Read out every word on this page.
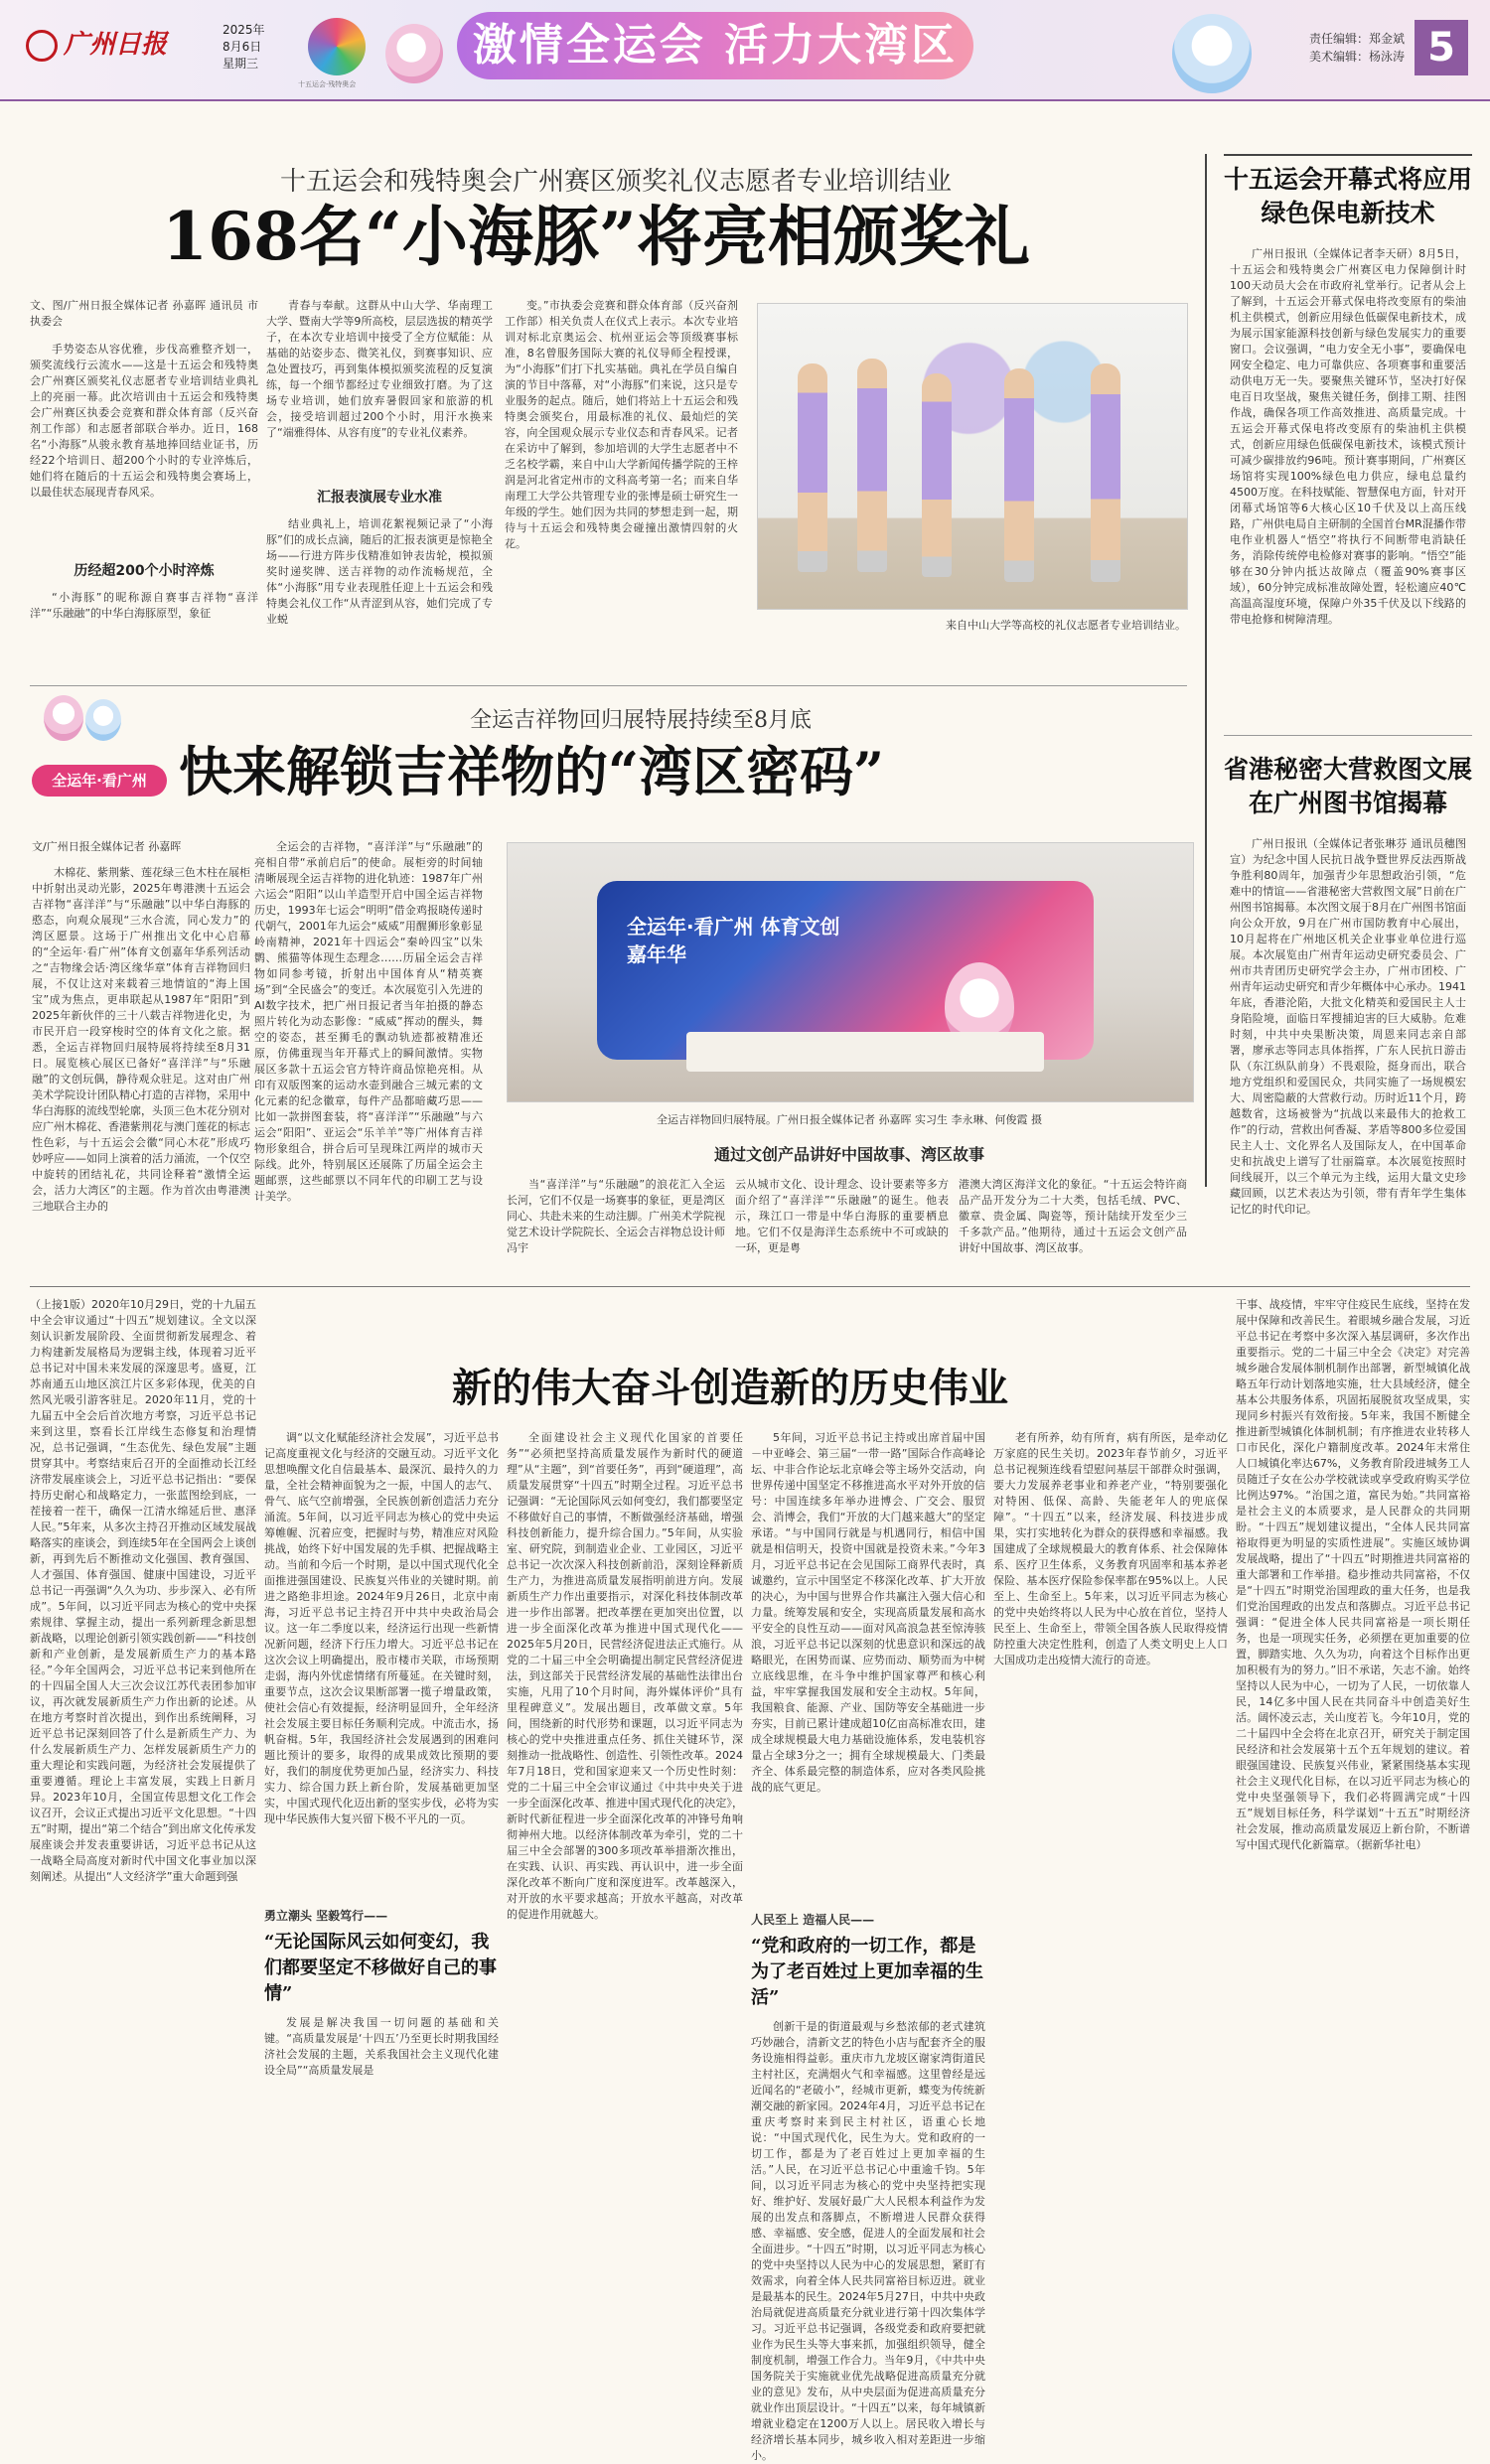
广州日报	2025年
8月6日
星期三
十五运会·残特奥会
激情全运会 活力大湾区	责任编辑：郑金斌
美术编辑：杨泳涛 5
十五运会和残特奥会广州赛区颁奖礼仪志愿者专业培训结业
168名“小海豚”将亮相颁奖礼
文、图/广州日报全媒体记者 孙嘉晖 通讯员 市执委会
手势姿态从容优雅，步伐高雅整齐划一，颁奖流线行云流水——这是十五运会和残特奥会广州赛区颁奖礼仪志愿者专业培训结业典礼上的亮丽一幕。此次培训由十五运会和残特奥会广州赛区执委会竞赛和群众体育部（反兴奋剂工作部）和志愿者部联合举办。近日，168名“小海豚”从骏永教育基地捧回结业证书，历经22个培训日、超200个小时的专业淬炼后，她们将在随后的十五运会和残特奥会赛场上，以最佳状态展现青春风采。
历经超200个小时淬炼
“小海豚”的昵称源自赛事吉祥物“喜洋洋”“乐融融”的中华白海豚原型，象征
青春与奉献。这群从中山大学、华南理工大学、暨南大学等9所高校，层层选拔的精英学子，在本次专业培训中接受了全方位赋能：从基础的站姿步态、微笑礼仪，到赛事知识、应急处置技巧，再到集体模拟颁奖流程的反复演练，每一个细节都经过专业细致打磨。为了这场专业培训，她们放弃暑假回家和旅游的机会，接受培训超过200个小时，用汗水换来了“端雅得体、从容有度”的专业礼仪素养。
汇报表演展专业水准
结业典礼上，培训花絮视频记录了“小海豚”们的成长点滴，随后的汇报表演更是惊艳全场——行进方阵步伐精准如钟表齿轮，模拟颁奖时递奖牌、送吉祥物的动作流畅规范，全体“小海豚”用专业表现胜任迎上十五运会和残特奥会礼仪工作“从青涩到从容，她们完成了专业蜕
变。”市执委会竞赛和群众体育部（反兴奋剂工作部）相关负责人在仪式上表示。本次专业培训对标北京奥运会、杭州亚运会等顶级赛事标准，8名曾服务国际大赛的礼仪导师全程授课，为“小海豚”们打下扎实基础。典礼在学员自编自演的节目中落幕，对“小海豚”们来说，这只是专业服务的起点。随后，她们将站上十五运会和残特奥会颁奖台，用最标准的礼仪、最灿烂的笑容，向全国观众展示专业仪态和青春风采。记者在采访中了解到，参加培训的大学生志愿者中不乏名校学霸，来自中山大学新闻传播学院的王梓润是河北省定州市的文科高考第一名；而来自华南理工大学公共管理专业的张博是硕士研究生一年级的学生。她们因为共同的梦想走到一起，期待与十五运会和残特奥会碰撞出激情四射的火花。
来自中山大学等高校的礼仪志愿者专业培训结业。
十五运会开幕式将应用绿色保电新技术
广州日报讯（全媒体记者李天研）8月5日，十五运会和残特奥会广州赛区电力保障倒计时100天动员大会在市政府礼堂举行。记者从会上了解到，十五运会开幕式保电将改变原有的柴油机主供模式，创新应用绿色低碳保电新技术，成为展示国家能源科技创新与绿色发展实力的重要窗口。会议强调，“电力安全无小事”，要确保电网安全稳定、电力可靠供应、各项赛事和重要活动供电万无一失。要聚焦关键环节，坚决打好保电百日攻坚战，聚焦关键任务，倒排工期、挂图作战，确保各项工作高效推进、高质量完成。十五运会开幕式保电将改变原有的柴油机主供模式，创新应用绿色低碳保电新技术，该模式预计可减少碳排放约96吨。预计赛事期间，广州赛区场馆将实现100%绿色电力供应，绿电总量约4500万度。在科技赋能、智慧保电方面，针对开闭幕式场馆等6大核心区10千伏及以上高压线路，广州供电局自主研制的全国首台MR混播作带电作业机器人“悟空”将执行不间断带电消缺任务，消除传统停电检修对赛事的影响。“悟空”能够在30分钟内抵达故障点（覆盖90%赛事区域），60分钟完成标准故障处置，轻松適应40℃高温高湿度环境，保障户外35千伏及以下线路的带电抢修和树障清理。
全运年·看广州
全运吉祥物回归展特展持续至8月底
快来解锁吉祥物的“湾区密码”
文/广州日报全媒体记者 孙嘉晖
木棉花、紫荆紫、莲花绿三色木柱在展柜中折射出灵动光影，2025年粤港澳十五运会吉祥物“喜洋洋”与“乐融融”以中华白海豚的憨态，向观众展现“三水合流，同心发力”的湾区愿景。这场于广州推出文化中心启幕的“全运年·看广州”体育文创嘉年华系列活动之“吉物缘会话·湾区缘华章”体育吉祥物回归展，不仅让这对来载着三地情谊的“海上国宝”成为焦点，更串联起从1987年“阳阳”到2025年新伙伴的三十八载吉祥物进化史，为市民开启一段穿梭时空的体育文化之旅。据悉，全运吉祥物回归展特展将持续至8月31日。展览核心展区已备好“喜洋洋”与“乐融融”的文创玩偶，静待观众驻足。这对由广州美术学院设计团队精心打造的吉祥物，采用中华白海豚的流线型轮廓，头顶三色木花分别对应广州木棉花、香港紫荆花与澳门莲花的标志性色彩，与十五运会会徽“同心木花”形成巧妙呼应——如同上演着的活力涌流，一个仅空中旋转的团结礼花，共同诠释着“激情全运会，活力大湾区”的主题。作为首次由粤港澳三地联合主办的
全运会的吉祥物，“喜洋洋”与“乐融融”的亮相自带“承前启后”的使命。展柜旁的时间轴清晰展现全运吉祥物的进化轨迹：1987年广州六运会“阳阳”以山羊造型开启中国全运吉祥物历史，1993年七运会“明明”借金鸡报晓传递时代朝气，2001年九运会“威威”用醒狮形象彰显岭南精神，2021年十四运会“秦岭四宝”以朱鹮、熊猫等体现生态理念……历届全运会吉祥物如同参考镜，折射出中国体育从“精英赛场”到“全民盛会”的变迁。本次展览引入先进的AI数字技术，把广州日报记者当年拍摄的静态照片转化为动态影像：“威威”挥动的醒头，舞空的姿态，甚至狮毛的飘动轨迹都被精准还原，仿佛重现当年开幕式上的瞬间激情。实物展区多款十五运会官方特许商品惊艳亮相。从印有双版图案的运动水壶到融合三城元素的文化元素的纪念徽章，每件产品都暗藏巧思——比如一款拼图套装，将“喜洋洋”“乐融融”与六运会“阳阳”、亚运会“乐羊羊”等广州体育吉祥物形象组合，拼合后可呈现珠江两岸的城市天际线。此外，特别展区还展陈了历届全运会主题邮票，这些邮票以不同年代的印刷工艺与设计美学。
全运年·看广州 体育文创嘉年华
全运吉祥物回归展特展。广州日报全媒体记者 孙嘉晖 实习生 李永琳、何俊霞 摄
通过文创产品讲好中国故事、湾区故事
当“喜洋洋”与“乐融融”的浪花汇入全运长河，它们不仅是一场赛事的象征，更是湾区同心、共赴未来的生动注脚。广州美术学院视觉艺术设计学院院长、全运会吉祥物总设计师冯宇
云从城市文化、设计理念、设计要素等多方面介绍了“喜洋洋”“乐融融”的诞生。他表示，珠江口一带是中华白海豚的重要栖息地。它们不仅是海洋生态系统中不可或缺的一环，更是粤
港澳大湾区海洋文化的象征。“十五运会特许商品产品开发分为二十大类，包括毛绒、PVC、徽章、贵金属、陶瓷等，预计陆续开发至少三千多款产品。”他期待，通过十五运会文创产品讲好中国故事、湾区故事。
省港秘密大营救图文展在广州图书馆揭幕
广州日报讯（全媒体记者张琳芬 通讯员穗图宣）为纪念中国人民抗日战争暨世界反法西斯战争胜利80周年，加强青少年思想政治引领，“危难中的情谊——省港秘密大营救图文展”日前在广州图书馆揭幕。本次图文展于8月在广州图书馆面向公众开放，9月在广州市国防教育中心展出，10月起将在广州地区机关企业事业单位进行巡展。本次展览由广州青年运动史研究委员会、广州市共青团历史研究学会主办，广州市团校、广州青年运动史研究和青少年概体中心承办。1941年底，香港沦陷，大批文化精英和爱国民主人士身陷险境，面临日军搜捕迫害的巨大威胁。危难时刻，中共中央果断决策，周恩来同志亲自部署，廖承志等同志具体指挥，广东人民抗日游击队（东江纵队前身）不畏艰险，挺身而出，联合地方党组织和爱国民众，共同实施了一场规模宏大、周密隐蔽的大营救行动。历时近11个月，跨越数省，这场被誉为“抗战以来最伟大的抢救工作”的行动，营救出何香凝、茅盾等800多位爱国民主人士、文化界名人及国际友人，在中国革命史和抗战史上谱写了壮丽篇章。本次展览按照时间线展开，以三个单元为主线，运用大量文史珍藏回顾，以艺术表达为引领，带有青年学生集体记忆的时代印记。
（上接1版）2020年10月29日，党的十九届五中全会审议通过“十四五”规划建议。全文以深刻认识新发展阶段、全面贯彻新发展理念、着力构建新发展格局为逻辑主线，体现着习近平总书记对中国未来发展的深邃思考。盛夏，江苏南通五山地区滨江片区多彩体现，优美的自然风光吸引游客驻足。2020年11月，党的十九届五中全会后首次地方考察，习近平总书记来到这里，察看长江岸线生态修复和治理情况，总书记强调，“生态优先、绿色发展”主题贯穿其中。考察结束后召开的全面推动长江经济带发展座谈会上，习近平总书记指出：“要保持历史耐心和战略定力，一张蓝图绘到底，一茬接着一茬干，确保一江清水绵延后世、惠泽人民。”5年来，从多次主持召开推动区域发展战略落实的座谈会，到连续5年在全国两会上谈创新，再到先后不断推动文化强国、教育强国、人才强国、体育强国、健康中国建设，习近平总书记一再强调“久久为功、步步深入、必有所成”。5年间，以习近平同志为核心的党中央探索规律、掌握主动，提出一系列新理念新思想新战略，以理论创新引领实践创新——“科技创新和产业创新，是发展新质生产力的基本路径。”今年全国两会，习近平总书记来到他所在的十四届全国人大三次会议江苏代表团参加审议，再次就发展新质生产力作出新的论述。从在地方考察时首次提出，到作出系统阐释，习近平总书记深刻回答了什么是新质生产力、为什么发展新质生产力、怎样发展新质生产力的重大理论和实践问题，为经济社会发展提供了重要遵循。理论上丰富发展，实践上日新月异。2023年10月，全国宣传思想文化工作会议召开，会议正式提出习近平文化思想。“十四五”时期，提出“第二个结合”到出席文化传承发展座谈会并发表重要讲话，习近平总书记从这一战略全局高度对新时代中国文化事业加以深刻阐述。从提出“人文经济学”重大命题到强
新的伟大奋斗创造新的历史伟业
调“以文化赋能经济社会发展”，习近平总书记高度重视文化与经济的交融互动。习近平文化思想唤醒文化自信最基本、最深沉、最持久的力量，全社会精神面貌为之一振，中国人的志气、骨气、底气空前增强，全民族创新创造活力充分涌流。5年间，以习近平同志为核心的党中央运筹帷幄、沉着应变，把握时与势，精准应对风险挑战，始终下好中国发展的先手棋、把握战略主动。当前和今后一个时期，是以中国式现代化全面推进强国建设、民族复兴伟业的关键时期。前进之路绝非坦途。2024年9月26日，北京中南海，习近平总书记主持召开中共中央政治局会议。这一年二季度以来，经济运行出现一些新情况新问题，经济下行压力增大。习近平总书记在这次会议上明确提出，股市楼市关联，市场预期走弱，海内外忧虑情绪有所蔓延。在关键时刻，重要节点，这次会议果断部署一揽子增量政策，使社会信心有效提振，经济明显回升，全年经济社会发展主要目标任务顺利完成。中流击水，扬帆奋楫。5年，我国经济社会发展遇到的困难问题比预计的要多，取得的成果成效比预期的要好，我们的制度优势更加凸显，经济实力、科技实力、综合国力跃上新台阶，发展基础更加坚实，中国式现代化迈出新的坚实步伐，必将为实现中华民族伟大复兴留下极不平凡的一页。
勇立潮头 坚毅笃行——
“无论国际风云如何变幻，我们都要坚定不移做好自己的事情”
发展是解决我国一切问题的基础和关键。“高质量发展是‘十四五’乃至更长时期我国经济社会发展的主题，关系我国社会主义现代化建设全局”“高质量发展是
全面建设社会主义现代化国家的首要任务”“必须把坚持高质量发展作为新时代的硬道理”从“主题”，到“首要任务”，再到“硬道理”，高质量发展贯穿“十四五”时期全过程。习近平总书记强调：“无论国际风云如何变幻，我们都要坚定不移做好自己的事情，不断做强经济基础，增强科技创新能力，提升综合国力。”5年间，从实验室、研究院，到制造业企业、工业园区，习近平总书记一次次深入科技创新前沿，深刻诠释新质生产力，为推进高质量发展指明前进方向。发展新质生产力作出重要指示，对深化科技体制改革进一步作出部署。把改革摆在更加突出位置，以进一步全面深化改革为推进中国式现代化——2025年5月20日，民营经济促进法正式施行。从党的二十届三中全会明确提出制定民营经济促进法，到这部关于民营经济发展的基础性法律出台实施，凡用了10个月时间，海外媒体评价“具有里程碑意义”。发展出题目，改革做文章。5年间，围绕新的时代形势和课题，以习近平同志为核心的党中央推进重点任务、抓住关键环节，深刻推动一批战略性、创造性、引领性改革。2024年7月18日，党和国家迎来又一个历史性时刻：党的二十届三中全会审议通过《中共中央关于进一步全面深化改革、推进中国式现代化的决定》，新时代新征程进一步全面深化改革的冲锋号角响彻神州大地。以经济体制改革为牵引，党的二十届三中全会部署的300多项改革举措渐次推出，在实践、认识、再实践、再认识中，进一步全面深化改革不断向广度和深度进军。改革越深入，对开放的水平要求越高；开放水平越高，对改革的促进作用就越大。
5年间，习近平总书记主持或出席首届中国－中亚峰会、第三届“一带一路”国际合作高峰论坛、中非合作论坛北京峰会等主场外交活动，向世界传递中国坚定不移推进高水平对外开放的信号：中国连续多年举办进博会、广交会、服贸会、消博会，我们“开放的大门越来越大”的坚定承诺。“与中国同行就是与机遇同行，相信中国就是相信明天，投资中国就是投资未来。”今年3月，习近平总书记在会见国际工商界代表时，真诚邀约，宣示中国坚定不移深化改革、扩大开放的决心，为中国与世界合作共赢注入强大信心和力量。统筹发展和安全，实现高质量发展和高水平安全的良性互动——面对风高浪急甚至惊涛骇浪，习近平总书记以深刻的忧患意识和深远的战略眼光，在困势而谋、应势而动、顺势而为中树立底线思维，在斗争中维护国家尊严和核心利益，牢牢掌握我国发展和安全主动权。5年间，我国粮食、能源、产业、国防等安全基础进一步夯实，目前已累计建成超10亿亩高标准农田，建成全球规模最大电力基础设施体系，发电装机容量占全球3分之一；拥有全球规模最大、门类最齐全、体系最完整的制造体系，应对各类风险挑战的底气更足。
人民至上 造福人民——
“党和政府的一切工作，都是为了老百姓过上更加幸福的生活”
创新干是的街道最观与乡愁浓郁的老式建筑巧妙融合，清新文艺的特色小店与配套齐全的服务设施相得益彰。重庆市九龙坡区谢家湾街道民主村社区，充满烟火气和幸福感。这里曾经是远近闻名的“老破小”，经城市更新，蝶变为传统新潮交融的新家园。2024年4月，习近平总书记在重庆考察时来到民主村社区，语重心长地说：“中国式现代化，民生为大。党和政府的一切工作，都是为了老百姓过上更加幸福的生活。”人民，在习近平总书记心中重逾千钧。5年间，以习近平同志为核心的党中央坚持把实现好、维护好、发展好最广大人民根本利益作为发展的出发点和落脚点，不断增进人民群众获得感、幸福感、安全感，促进人的全面发展和社会全面进步。“十四五”时期，以习近平同志为核心的党中央坚持以人民为中心的发展思想，紧盯有效需求，向着全体人民共同富裕目标迈进。就业是最基本的民生。2024年5月27日，中共中央政治局就促进高质量充分就业进行第十四次集体学习。习近平总书记强调，各级党委和政府要把就业作为民生头等大事来抓，加强组织领导，健全制度机制，增强工作合力。当年9月，《中共中央 国务院关于实施就业优先战略促进高质量充分就业的意见》发布，从中央层面为促进高质量充分就业作出顶层设计。“十四五”以来，每年城镇新增就业稳定在1200万人以上。居民收入增长与经济增长基本同步，城乡收入相对差距进一步缩小。
老有所养，幼有所育，病有所医，是牵动亿万家庭的民生关切。2023年春节前夕，习近平总书记视频连线看望慰问基层干部群众时强调，要大力发展养老事业和养老产业，“特别要强化对特困、低保、高龄、失能老年人的兜底保障”。“十四五”以来，经济发展、科技进步成果，实打实地转化为群众的获得感和幸福感。我国建成了全球规模最大的教育体系、社会保障体系、医疗卫生体系，义务教育巩固率和基本养老保险、基本医疗保险参保率都在95%以上。人民至上、生命至上。5年来，以习近平同志为核心的党中央始终将以人民为中心放在首位，坚持人民至上、生命至上，带领全国各族人民取得疫情防控重大决定性胜利，创造了人类文明史上人口大国成功走出疫情大流行的奇迹。
干事、战疫情，牢牢守住疫民生底线，坚持在发展中保障和改善民生。着眼城乡融合发展，习近平总书记在考察中多次深入基层调研，多次作出重要指示。党的二十届三中全会《决定》对完善城乡融合发展体制机制作出部署，新型城镇化战略五年行动计划落地实施，壮大县域经济，健全基本公共服务体系，巩固拓展脱贫攻坚成果，实现同乡村振兴有效衔接。5年来，我国不断健全推进新型城镇化体制机制；有序推进农业转移人口市民化，深化户籍制度改革。2024年末常住人口城镇化率达67%，义务教育阶段进城务工人员随迁子女在公办学校就读或享受政府购买学位比例达97%。“治国之道，富民为始。”共同富裕是社会主义的本质要求，是人民群众的共同期盼。“十四五”规划建议提出，“全体人民共同富裕取得更为明显的实质性进展”。实施区域协调发展战略，提出了“十四五”时期推进共同富裕的重大部署和工作举措。稳步推动共同富裕，不仅是“十四五”时期党治国理政的重大任务，也是我们党治国理政的出发点和落脚点。习近平总书记强调：“促进全体人民共同富裕是一项长期任务，也是一项现实任务，必须摆在更加重要的位置，脚踏实地、久久为功，向着这个目标作出更加积极有为的努力。”旧不承诺，矢志不渝。始终坚持以人民为中心，一切为了人民，一切依靠人民，14亿多中国人民在共同奋斗中创造美好生活。阔怀凌云志，关山度若飞。今年10月，党的二十届四中全会将在北京召开，研究关于制定国民经济和社会发展第十五个五年规划的建议。着眼强国建设、民族复兴伟业，紧紧围绕基本实现社会主义现代化目标，在以习近平同志为核心的党中央坚强领导下，我们必将圆满完成“十四五”规划目标任务，科学谋划“十五五”时期经济社会发展，推动高质量发展迈上新台阶，不断谱写中国式现代化新篇章。（据新华社电）
